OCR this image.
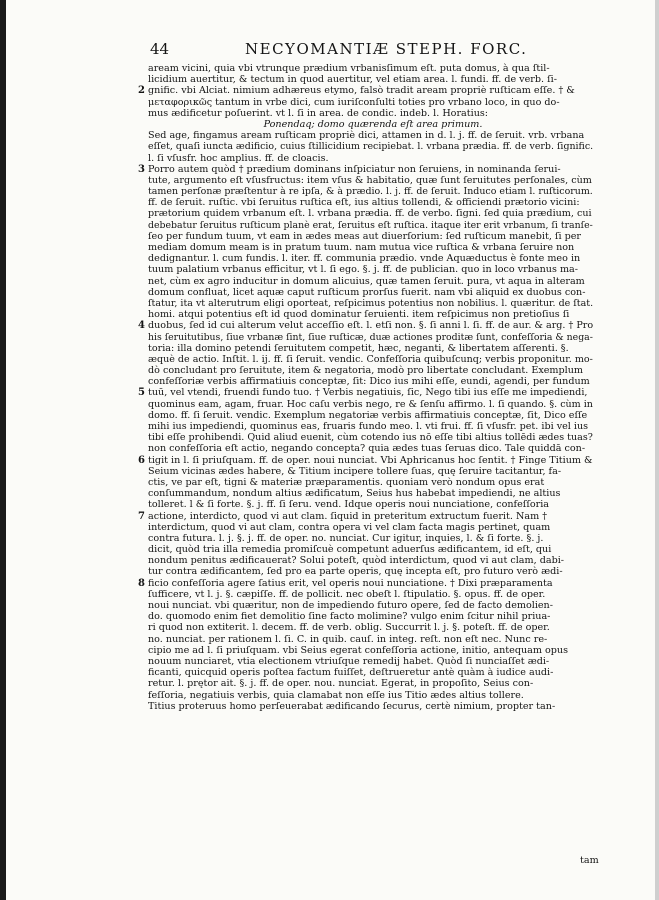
44	NECYOMANTIÆ STEPH. FORC.
aream vicini, quia vbi vtrunque prædium vrbanisſimum eſt. puta domus, à qua ſtil-
licidium auertitur, & tectum in quod auertitur, vel etiam area. l. fundi. ff. de verb. ſi-
2 gnific. vbi Alciat. nimium adhæreus etymo, falsò tradit aream propriè ruſticam eſſe. † &
μεταφορικῶς tantum in vrbe dici, cum iuriſconſulti toties pro vrbano loco, in quo do-
mus ædificetur poſuerint. vt l. ſi in area. de condic. indeb. l. Horatius:
Ponendaq; domo quærenda eſt area primum.
Sed age, fingamus aream ruſticam propriè dici, attamen in d. l. j. ff. de ſeruit. vrb. vrbana
eſſet, quaſi iuncta ædificio, cuius ſtillicidium recipiebat. l. vrbana prædia. ff. de verb. ſignific.
l. ſi vſusfr. hoc amplius. ff. de cloacis.
3 Porro autem quòd † prædium dominans inſpiciatur non ſeruiens, in nominanda ſerui-
tute, argumento eſt vſusfructus: item vſus & habitatio, quæ ſunt ſeruitutes perſonales, cùm
tamen perſonæ præſtentur à re ipſa, & à prædio. l. j. ff. de ſeruit. Induco etiam l. ruſticorum.
ff. de ſeruit. ruſtic. vbi ſeruitus ruſtica eſt, ius altius tollendi, & officiendi prætorio vicini:
prætorium quidem vrbanum eſt. l. vrbana prædia. ff. de verbo. ſigni. ſed quia prædium, cui
debebatur ſeruitus ruſticum planè erat, ſeruitus eſt ruſtica. itaque iter erit vrbanum, ſi tranſe-
ſeo per fundum tuum, vt eam in ædes meas aut diuerſorium: ſed ruſticum manebit, ſi per
mediam domum meam is in pratum tuum. nam mutua vice ruſtica & vrbana ſeruire non
dedignantur. l. cum fundis. l. iter. ff. communia prædio. vnde Aquæductus è fonte meo in
tuum palatium vrbanus efficitur, vt l. ſi ego. §. j. ff. de publician. quo in loco vrbanus ma-
net, cùm ex agro inducitur in domum alicuius, quæ tamen ſeruit. pura, vt aqua in alteram
domum confluat, licet aquæ caput ruſticum prorſus fuerit. nam vbi aliquid ex duobus con-
ſtatur, ita vt alterutrum eligi oporteat, reſpicimus potentius non nobilius. l. quæritur. de ſtat.
homi. atqui potentius eſt id quod dominatur ſeruienti. item reſpicimus non pretioſius ſi
4 duobus, ſed id cui alterum velut acceſſio eſt. l. etſi non. §. ſi anni l. ſi. ff. de aur. & arg. † Pro
his ſeruitutibus, ſiue vrbanæ ſint, ſiue ruſticæ, duæ actiones proditæ ſunt, confeſſoria & nega-
toria: illa domino petendi ſeruitutem competit, hæc, neganti, & libertatem aſſerenti. §.
æquè de actio. Inſtit. l. ij. ff. ſi ſeruit. vendic. Confeſſoria quibuſcunq; verbis proponitur. mo-
dò concludant pro ſeruitute, item & negatoria, modò pro libertate concludant. Exemplum
confeſſoriæ verbis affirmatiuis conceptæ, ſit: Dico ius mihi eſſe, eundi, agendi, per fundum
5 tuū, vel vtendi, fruendi fundo tuo. † Verbis negatiuis, ſic, Nego tibi ius eſſe me impediendi,
quominus eam, agam, fruar. Hoc caſu verbis nego, re & ſenſu affirmo. l. ſi quando. §. cùm in
domo. ff. ſi ſeruit. vendic. Exemplum negatoriæ verbis affirmatiuis conceptæ, ſit, Dico eſſe
mihi ius impediendi, quominus eas, fruaris fundo meo. l. vti frui. ff. ſi vſusfr. pet. ibi vel ius
tibi eſſe prohibendi. Quid aliud euenit, cùm cotendo ius nō eſſe tibi altius tollēdi ædes tuas?
non confeſſoria eſt actio, negando concepta? quia ædes tuas ſeruas dico. Tale quiddā con-
6 tigit in l. ſi priuſquam. ff. de oper. noui nunciat. Vbi Aphricanus hoc ſentit. † Finge Titium &
Seium vicinas ædes habere, & Titium incipere tollere ſuas, quę ſeruire tacitantur, fa-
ctis, ve par eſt, tigni & materiæ præparamentis. quoniam verò nondum opus erat
conſummandum, nondum altius ædificatum, Seius hus habebat impediendi, ne altius
tolleret. l & ſi forte. §. j. ff. ſi ſeru. vend. Idque operis noui nunciatione, confeſſoria
7 actione, interdicto, quod vi aut clam. ſiquid in preteritum extructum fuerit. Nam †
interdictum, quod vi aut clam, contra opera vi vel clam facta magis pertinet, quam
contra futura. l. j. §. j. ff. de oper. no. nunciat. Cur igitur, inquies, l. & ſi forte. §. j.
dicit, quòd tria illa remedia promiſcuè competunt aduerſus ædificantem, id eſt, qui
nondum penitus ædificauerat? Solui poteſt, quòd interdictum, quod vi aut clam, dabi-
tur contra ædificantem, ſed pro ea parte operis, quę incepta eſt, pro futuro verò ædi-
8 ficio confeſſoria agere ſatius erit, vel operis noui nunciatione. † Dixi præparamenta
ſufficere, vt l. j. §. cæpiſſe. ff. de pollicit. nec obeſt l. ſtipulatio. §. opus. ff. de oper.
noui nunciat. vbi quæritur, non de impediendo futuro opere, ſed de facto demolien-
do. quomodo enim fiet demolitio ſine facto molimine? vulgo enim ſcitur nihil priua-
ri quod non extiterit. l. decem. ff. de verb. oblig. Succurrit l. j. §. poteſt. ff. de oper.
no. nunciat. per rationem l. ſi. C. in quib. cauſ. in integ. reſt. non eſt nec. Nunc re-
cipio me ad l. ſi priuſquam. vbi Seius egerat confeſſoria actione, initio, antequam opus
nouum nunciaret, vtia electionem vtriuſque remedij habet. Quòd ſi nunciaſſet ædi-
ficanti, quicquid operis poſtea factum fuiſſet, deſtrueretur antè quàm à iudice audi-
retur. l. prętor ait. §. j. ff. de oper. nou. nunciat. Egerat, in propoſito, Seius con-
feſſoria, negatiuis verbis, quia clamabat non eſſe ius Titio ædes altius tollere.
Titius proteruus homo perſeuerabat ædificando ſecurus, certè nimium, propter tan-
tam
